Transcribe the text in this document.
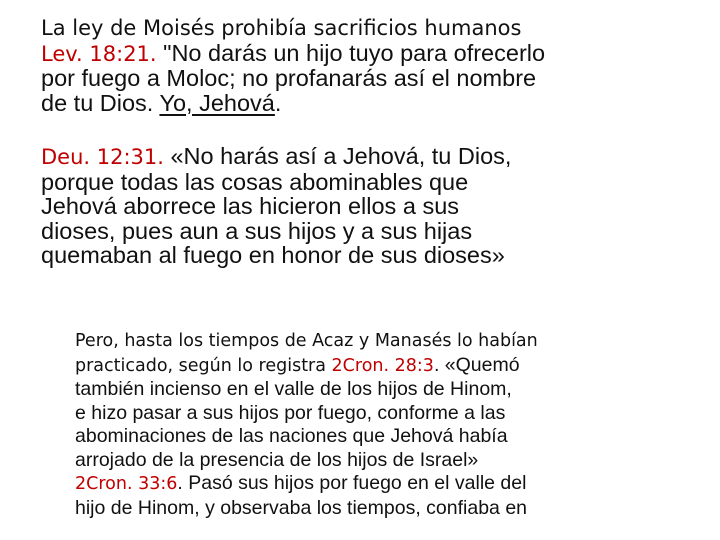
La ley de Moisés prohibía sacrificios humanos
Lev. 18:21. "No darás un hijo tuyo para ofrecerlo
por fuego a Moloc; no profanarás así el nombre
de tu Dios. Yo, Jehová.
Deu. 12:31. «No harás así a Jehová, tu Dios,
porque todas las cosas abominables que
Jehová aborrece las hicieron ellos a sus
dioses, pues aun a sus hijos y a sus hijas
quemaban al fuego en honor de sus dioses»
Pero, hasta los tiempos de Acaz y Manasés lo habían
practicado, según lo registra 2Cron. 28:3. «Quemó
también incienso en el valle de los hijos de Hinom,
e hizo pasar a sus hijos por fuego, conforme a las
abominaciones de las naciones que Jehová había
arrojado de la presencia de los hijos de Israel»
2Cron. 33:6. Pasó sus hijos por fuego en el valle del
hijo de Hinom, y observaba los tiempos, confiaba en
